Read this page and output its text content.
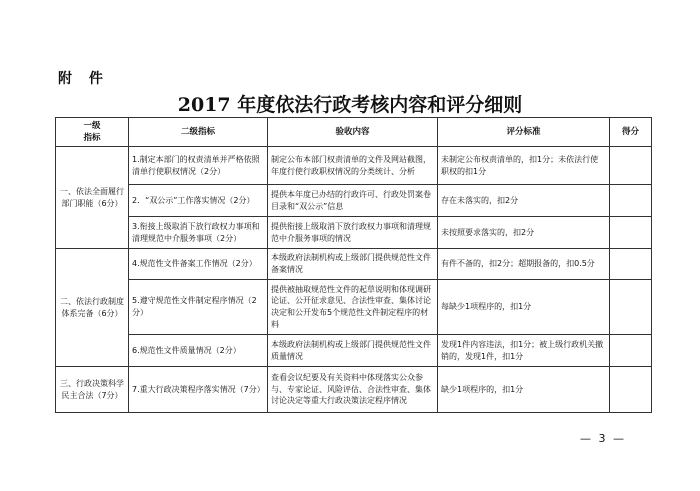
附 件
2017 年度依法行政考核内容和评分细则
一级
指标	二级指标	验收内容	评分标准	得分
一、依法全面履行部门职能（6分）	1.制定本部门的权责清单并严格依照清单行使职权情况（2分）	制定公布本部门权责清单的文件及网站截图，年度行使行政职权情况的分类统计、分析	未制定公布权责清单的，扣1分；未依法行使职权的扣1分	
	2．“双公示”工作落实情况（2分）	提供本年度已办结的行政许可、行政处罚案卷目录和“双公示”信息	存在未落实的，扣2分	
	3.衔接上级取消下放行政权力事项和清理规范中介服务事项（2分）	提供衔接上级取消下放行政权力事项和清理规范中介服务事项的情况	未按照要求落实的，扣2分	
二、依法行政制度体系完备（6分）	4.规范性文件备案工作情况（2分）	本级政府法制机构或上级部门提供规范性文件备案情况	有件不备的，扣2分；超期报备的，扣0.5分	
	5.遵守规范性文件制定程序情况（2分）	提供被抽取规范性文件的起草说明和体现调研论证、公开征求意见、合法性审查、集体讨论决定和公开发布5个规范性文件制定程序的材料	每缺少1项程序的，扣1分	
	6.规范性文件质量情况（2分）	本级政府法制机构或上级部门提供规范性文件质量情况	发现1件内容违法，扣1分；被上级行政机关撤销的，发现1件，扣1分	
三、行政决策科学民主合法（7分）	7.重大行政决策程序落实情况（7分）	查看会议纪要及有关资料中体现落实公众参与、专家论证、风险评估、合法性审查、集体讨论决定等重大行政决策法定程序情况	缺少1项程序的，扣1分	
— 3 —
